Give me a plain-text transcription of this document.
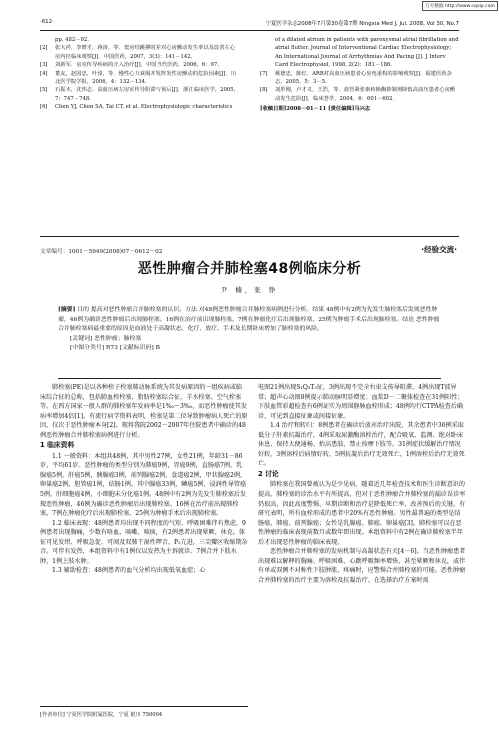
万方数据 http://www.cqvip.com
·612·	宁夏医学杂志2008年7月第30卷第7期 Ningxia Med J, Jul. 2008, Vol 30, No.7
pp. 482－92.
[2]	张大祥，李增才，蒋涛，等．窦房结跳搏时差对心房颤动发生率以及改善左心房内径临床观察[J]．中国医药，2007，3(3)：141－142.
[3]	刘新军．房室传导疾病的介入治疗[J]．中国当代医药，2006，6：97.
[4]	董友，赵国忠，叶淳，等．慢性心力衰竭并发阵发性房颤动的危险因素[J]．川北医学院学报，2006，4：132－134.
[5]	石振木，沈伟志．高血压病左房室传导阻滞与预后[J]．浙江临床医学，2005，7：747－748.
[6]	Chen YJ, Chen SA, Tai CT, et al. Electrophysiologic characteristics
of a dilated atrium in patients with paroxysmal atrial fibrillation and atrial flutter. Journal of Interventional Cardiac Electrophysiology; An International Journal of Arrhythmias And Pacing [J]. J Interv Card Electrophysiol, 1998, 2(2)：181－186.
[7]	姚德忠，陈红．ARB对高血压病患者心房电重构的影响观察[J]．福建医药杂志，2005，5：3－5.
[8]	刘彤刚，卢才义，王浩，等．血管紧张素转换酶抑制剂降低高血压患者心房颤动发生危险[J]．临床荟萃，2004，6：601－602.
[收稿日期]2008－01－11 [责任编辑]马兴志
文章编号：1001－5949(2008)07－0612－02	·经验交流·
恶性肿瘤合并肺栓塞48例临床分析
尹 楠，张 铮
[摘要] 目的 提高对恶性肿瘤合并肺栓塞的认识。方法 对48例恶性肿瘤合并肺栓塞病例进行分析。结果 48例中有2例为先发生肺栓塞后发现恶性肿瘤，46例为确诊恶性肿瘤后出现肺栓塞。16例在治疗前出现肺栓塞，7例在肿瘤化疗后出现肺栓塞，25例为肿瘤手术后出现肺栓塞。结论 恶性肿瘤合并肺栓塞病最重要的原因是血液处于高凝状态，化疗、放疗、手术及长期卧床增加了肺栓塞的风险。
[关键词] 恶性肿瘤；肺栓塞
[中图分类号] R73 [文献标识码] B

肺栓塞(PE)是以各种栓子栓塞肺动脉系统为其发病原因的一组疾病或临床综合征的总称，包括肺血栓栓塞、脂肪栓塞综合征、羊水栓塞、空气栓塞等。在西方国家一般人群的肺栓塞年发病率是1‰～3‰，而恶性肿瘤使其发病率增加4倍[1]。有流行病学资料表明，栓塞是第二位导致肿瘤病人死亡的原因，仅次于恶性肿瘤本身[2]。现将我院2002－2007年住院患者中确诊的48例恶性肿瘤合并肺栓塞病例进行分析。

1 临床资料

1.1 一般资料：本组共48例，其中男性27例，女性21例，年龄31－86岁，平均61岁。恶性肿瘤的类型分别为肺癌9例，胃癌9例，直肠癌7例，乳腺癌5例，肝癌5例，胰腺癌3例，前列腺癌2例，食道癌2例，甲状腺癌2例，卵巢癌2例，胆管癌1例，结肠1例。其中腺癌33例，鳞癌5例，浸润性导管癌5例，肝细胞癌4例，小细胞未分化癌1例。48例中有2例为先发生肺栓塞后发现恶性肿瘤，46例为确诊恶性肿瘤后出现肺栓塞。16例在治疗前出现肺栓塞，7例在肿瘤化疗后出现肺栓塞，25例为肿瘤手术后出现肺栓塞。

1.2 临床表现：48例患者均出现不同程度的气短、呼吸困难伴有焦虑，9例患者出现胸痛，少数有咯血、咳嗽、咳痰，有2例患者出现晕厥、休克。体征可见发绀、呼吸急促、可闻及双肺干湿性啰音，P₂亢进，三尖瓣区收缩期杂音。可伴有发热，本组资料中有1例仅以发热为主诉就诊。7例合并下肢水肿，1例上肢水肿。

1.3 辅助检查：48例患者的血气分析均出现低氧血症；心

[作者单位] 宁夏医学院附属医院，宁夏 银川 750004

电图21例出现S₁Q₃T₃征，3例出现不完全右束支传导阻滞，4例出现T波异常；超声心动图8例提示肺动脉明显增宽；血浆D－二聚体检查在31例阳性；下肢血管彩超检查有6例证实为周围静脉血栓形成；48例均行CTPA检查后确诊，可见到直接征象或间接征象。

1.4 治疗和转归：8例患者在确诊后放弃治疗出院，其余患者中36例采取低分子肝素抗凝治疗，4例采取尿激酶溶栓治疗，配合吸氧、监测、绝对卧床休息、保持大便通畅、抬高患肢、禁止按摩下肢等。31例症状缓解治疗情况好转，3例溶栓后病情好转，5例抗凝后治疗无效死亡，1例溶栓后治疗无效死亡。

2 讨论

肺栓塞在我国曾被认为是少见病，随着近几年检查技术和医生诊断意识的提高，肺栓塞的诊治水平有所提高，但对于恶性肿瘤合并肺栓塞的漏诊误诊率仍很高，因此高度警惕、早期诊断和治疗是降低死亡率、改善预后的关键。有研究表明，所有血栓形成的患者中20%有恶性肿瘤。男性最普遍的类型是结肠癌、肺癌、前列腺癌；女性是乳腺癌、肺癌、卵巢癌[3]。肺栓塞可以在恶性肿瘤的临床表现前数月或数年即出现。本组资料中有2例在确诊肺栓塞半年后才出现恶性肿瘤的临床表现。

恶性肿瘤合并肺栓塞的发病机制与高凝状态有关[4－6]。当恶性肿瘤患者出现难以解释的胸痛、呼吸困难、心跳呼吸频率增快、甚至晕厥和休克，或伴有单或双侧不对称性下肢肿胀、疼痛时，应警惕合并肺栓塞的可能。恶性肿瘤合并肺栓塞的治疗主要为溶栓及抗凝治疗。在选择治疗方案时需
